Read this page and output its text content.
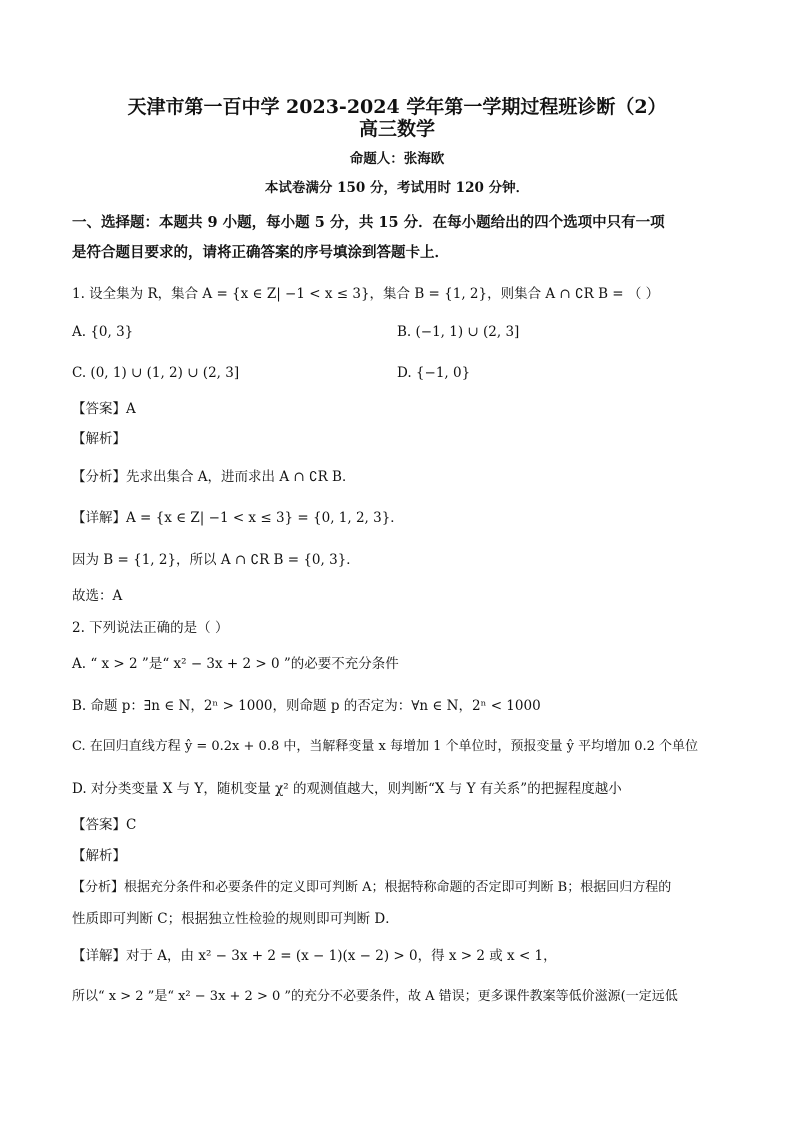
天津市第一百中学 2023-2024 学年第一学期过程班诊断（2）
高三数学
命题人：张海欧
本试卷满分 150 分，考试用时 120 分钟．
一、选择题：本题共 9 小题，每小题 5 分，共 15 分．在每小题给出的四个选项中只有一项
是符合题目要求的，请将正确答案的序号填涂到答题卡上．
1. 设全集为 R，集合 A = {x ∈ Z| −1 < x ≤ 3}，集合 B = {1, 2}，则集合 A ∩ ∁R B = （ ）
A. {0, 3}	B. (−1, 1) ∪ (2, 3]
C. (0, 1) ∪ (1, 2) ∪ (2, 3]	D. {−1, 0}
【答案】A
【解析】
【分析】先求出集合 A，进而求出 A ∩ ∁R B．
【详解】A = {x ∈ Z| −1 < x ≤ 3} = {0, 1, 2, 3}．
因为 B = {1, 2}，所以 A ∩ ∁R B = {0, 3}．
故选：A
2. 下列说法正确的是（ ）
A. “ x > 2 ”是“ x² − 3x + 2 > 0 ”的必要不充分条件
B. 命题 p：∃n ∈ N，2ⁿ > 1000，则命题 p 的否定为：∀n ∈ N，2ⁿ < 1000
C. 在回归直线方程 ŷ = 0.2x + 0.8 中，当解释变量 x 每增加 1 个单位时，预报变量 ŷ 平均增加 0.2 个单位
D. 对分类变量 X 与 Y，随机变量 χ² 的观测值越大，则判断“X 与 Y 有关系”的把握程度越小
【答案】C
【解析】
【分析】根据充分条件和必要条件的定义即可判断 A；根据特称命题的否定即可判断 B；根据回归方程的
性质即可判断 C；根据独立性检验的规则即可判断 D．
【详解】对于 A，由 x² − 3x + 2 = (x − 1)(x − 2) > 0，得 x > 2 或 x < 1，
所以“ x > 2 ”是“ x² − 3x + 2 > 0 ”的充分不必要条件，故 A 错误；更多课件教案等低价滋源(一定远低
